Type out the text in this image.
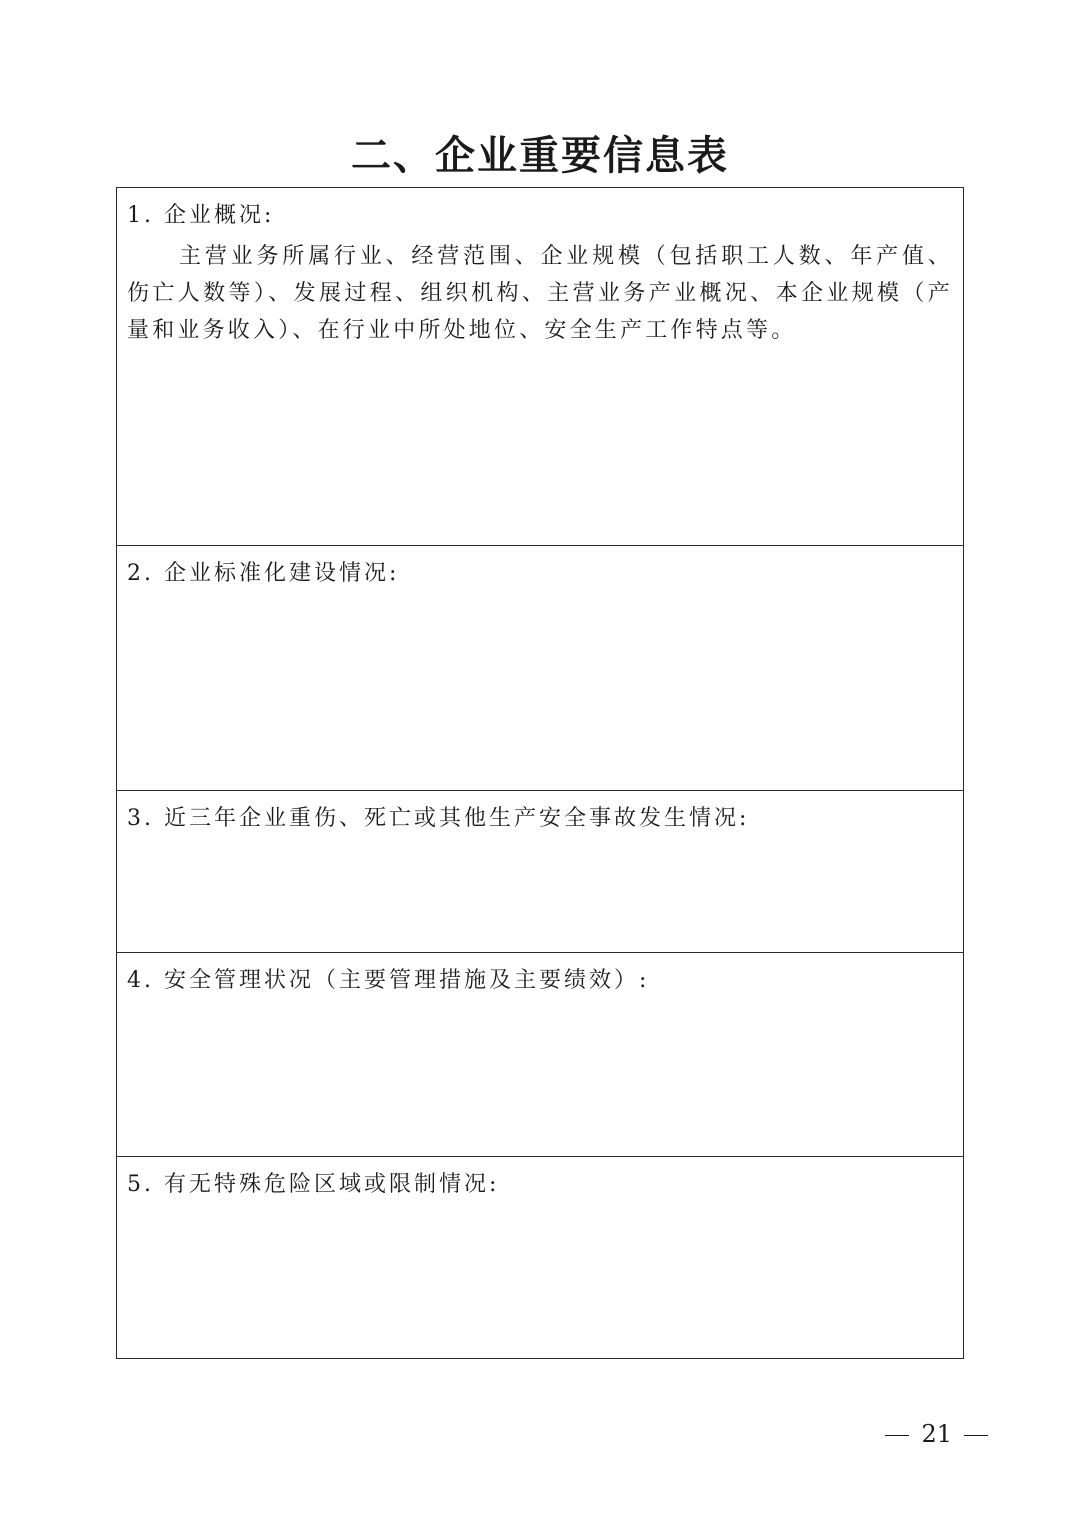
二、企业重要信息表
1. 企业概况:
主营业务所属行业、经营范围、企业规模（包括职工人数、年产值、伤亡人数等）、发展过程、组织机构、主营业务产业概况、本企业规模（产量和业务收入）、在行业中所处地位、安全生产工作特点等。
2. 企业标准化建设情况:
3. 近三年企业重伤、死亡或其他生产安全事故发生情况:
4. 安全管理状况（主要管理措施及主要绩效）:
5. 有无特殊危险区域或限制情况:
21
